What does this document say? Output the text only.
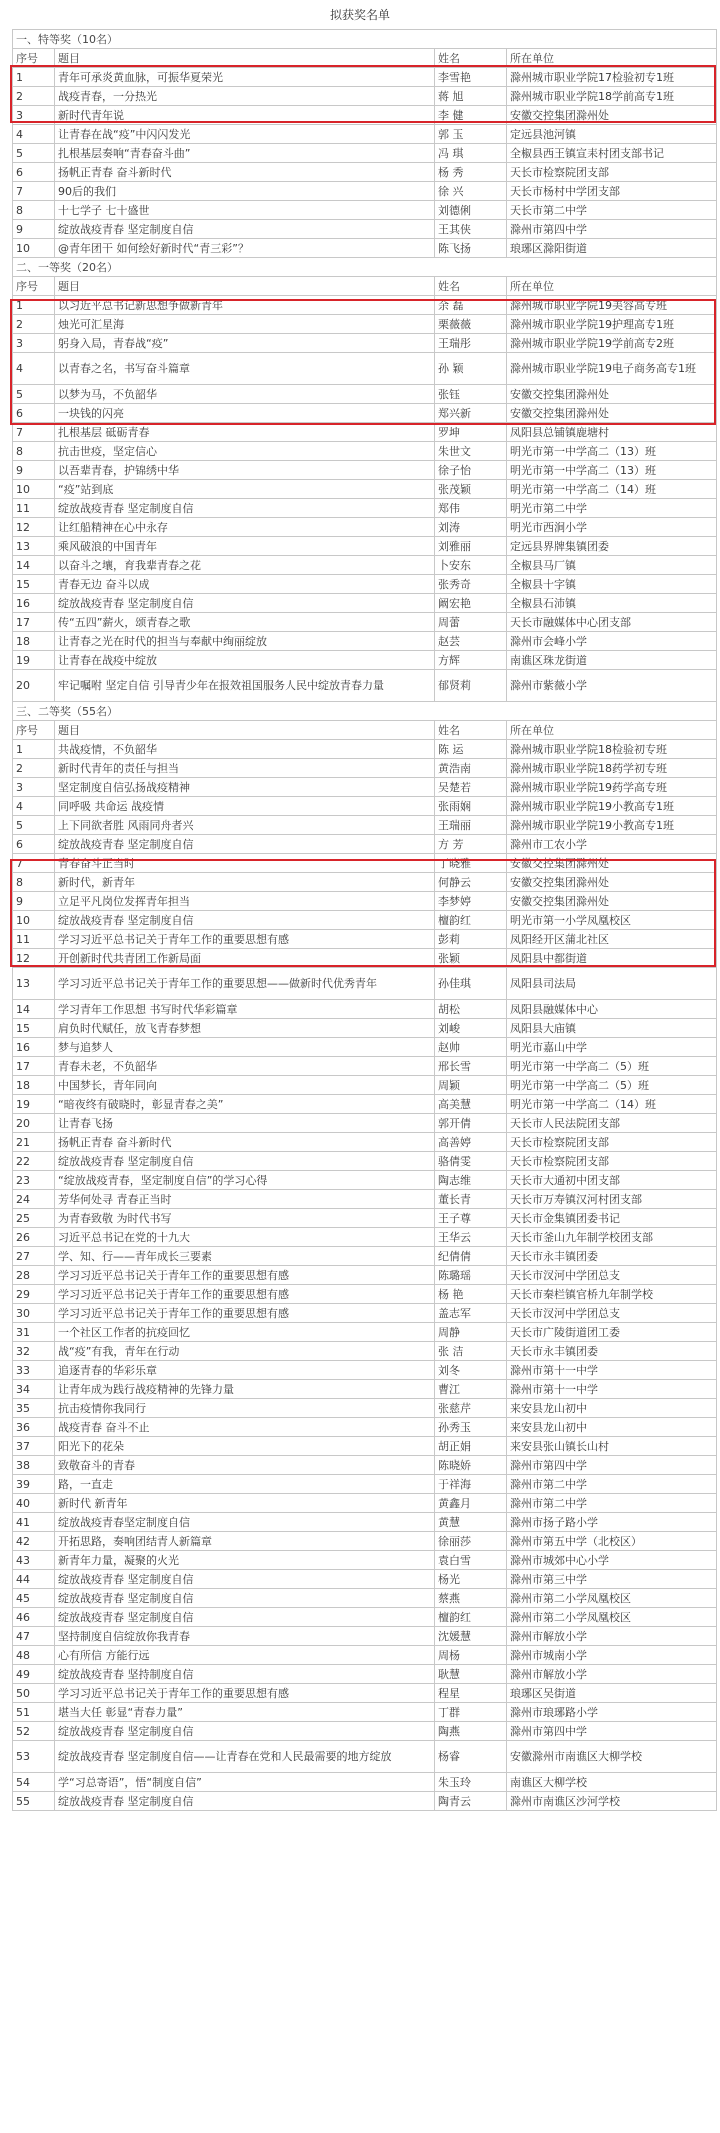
拟获奖名单
一、特等奖（10名）			
序号	题目	姓名	所在单位
1	青年可承炎黄血脉，可振华夏荣光	李雪艳	滁州城市职业学院17检验初专1班
2	战疫青春，一分热光	蒋 旭	滁州城市职业学院18学前高专1班
3	新时代青年说	李 健	安徽交控集团滁州处
4	让青春在战“疫”中闪闪发光	郭 玉	定远县池河镇
5	扎根基层奏响“青春奋斗曲”	冯 琪	全椒县西王镇宣耒村团支部书记
6	扬帆正青春 奋斗新时代	杨 秀	天长市检察院团支部
7	90后的我们	徐 兴	天长市杨村中学团支部
8	十七学子 七十盛世	刘德俐	天长市第二中学
9	绽放战疫青春 坚定制度自信	王其侠	滁州市第四中学
10	@青年团干 如何绘好新时代“青三彩”？	陈飞扬	琅琊区滁阳街道
二、一等奖（20名）			
序号	题目	姓名	所在单位
1	以习近平总书记新思想争做新青年	余 磊	滁州城市职业学院19美容高专班
2	烛光可汇星海	栗薇薇	滁州城市职业学院19护理高专1班
3	躬身入局，青春战“疫”	王瑞彤	滁州城市职业学院19学前高专2班
4	以青春之名，书写奋斗篇章	孙 颖	滁州城市职业学院19电子商务高专1班
5	以梦为马，不负韶华	张钰	安徽交控集团滁州处
6	一块钱的闪亮	郑兴新	安徽交控集团滁州处
7	扎根基层 砥砺青春	罗坤	凤阳县总铺镇鹿塘村
8	抗击世疫，坚定信心	朱世文	明光市第一中学高二（13）班
9	以吾辈青春，护锦绣中华	徐子怡	明光市第一中学高二（13）班
10	“疫”站到底	张茂颖	明光市第一中学高二（14）班
11	绽放战疫青春 坚定制度自信	郑伟	明光市第二中学
12	让红船精神在心中永存	刘涛	明光市西涧小学
13	乘风破浪的中国青年	刘雅丽	定远县界牌集镇团委
14	以奋斗之壤，育我辈青春之花	卜安东	全椒县马厂镇
15	青春无边 奋斗以成	张秀奇	全椒县十字镇
16	绽放战疫青春 坚定制度自信	阚宏艳	全椒县石沛镇
17	传“五四”薪火，颂青春之歌	周蕾	天长市融媒体中心团支部
18	让青春之光在时代的担当与奉献中绚丽绽放	赵芸	滁州市会峰小学
19	让青春在战疫中绽放	方辉	南谯区珠龙街道
20	牢记嘱咐 坚定自信 引导青少年在报效祖国服务人民中绽放青春力量	郁贤莉	滁州市紫薇小学
三、二等奖（55名）			
序号	题目	姓名	所在单位
1	共战疫情，不负韶华	陈 运	滁州城市职业学院18检验初专班
2	新时代青年的责任与担当	黄浩南	滁州城市职业学院18药学初专班
3	坚定制度自信弘扬战疫精神	吴楚若	滁州城市职业学院19药学高专班
4	同呼吸 共命运 战疫情	张雨娴	滁州城市职业学院19小教高专1班
5	上下同欲者胜 风雨同舟者兴	王瑞丽	滁州城市职业学院19小教高专1班
6	绽放战疫青春 坚定制度自信	方 芳	滁州市工农小学
7	青春奋斗正当时	丁晓雅	安徽交控集团滁州处
8	新时代，新青年	何静云	安徽交控集团滁州处
9	立足平凡岗位发挥青年担当	李梦婷	安徽交控集团滁州处
10	绽放战疫青春 坚定制度自信	檀韵红	明光市第一小学凤凰校区
11	学习习近平总书记关于青年工作的重要思想有感	彭莉	凤阳经开区蒲北社区
12	开创新时代共青团工作新局面	张颖	凤阳县中都街道
13	学习习近平总书记关于青年工作的重要思想——做新时代优秀青年	孙佳琪	凤阳县司法局
14	学习青年工作思想 书写时代华彩篇章	胡松	凤阳县融媒体中心
15	肩负时代赋任，放飞青春梦想	刘峻	凤阳县大庙镇
16	梦与追梦人	赵帅	明光市嘉山中学
17	青春未老，不负韶华	邢长雪	明光市第一中学高二（5）班
18	中国梦长，青年同向	周颖	明光市第一中学高二（5）班
19	“暗夜终有破晓时，彰显青春之美”	高美慧	明光市第一中学高二（14）班
20	让青春飞扬	郭开倩	天长市人民法院团支部
21	扬帆正青春 奋斗新时代	高善婷	天长市检察院团支部
22	绽放战疫青春 坚定制度自信	骆倩雯	天长市检察院团支部
23	“绽放战疫青春，坚定制度自信”的学习心得	陶志维	天长市大通初中团支部
24	芳华何处寻 青春正当时	董长青	天长市万寿镇汉河村团支部
25	为青春致敬 为时代书写	王子尊	天长市金集镇团委书记
26	习近平总书记在党的十九大	王华云	天长市釜山九年制学校团支部
27	学、知、行——青年成长三要素	纪倩倩	天长市永丰镇团委
28	学习习近平总书记关于青年工作的重要思想有感	陈璐瑶	天长市汊河中学团总支
29	学习习近平总书记关于青年工作的重要思想有感	杨 艳	天长市秦栏镇官桥九年制学校
30	学习习近平总书记关于青年工作的重要思想有感	盖志军	天长市汊河中学团总支
31	一个社区工作者的抗疫回忆	周静	天长市广陵街道团工委
32	战“疫”有我，青年在行动	张 洁	天长市永丰镇团委
33	追逐青春的华彩乐章	刘冬	滁州市第十一中学
34	让青年成为践行战疫精神的先锋力量	曹江	滁州市第十一中学
35	抗击疫情你我同行	张慈芹	来安县龙山初中
36	战疫青春 奋斗不止	孙秀玉	来安县龙山初中
37	阳光下的花朵	胡正娟	来安县张山镇长山村
38	致敬奋斗的青春	陈晓娇	滁州市第四中学
39	路，一直走	于祥海	滁州市第二中学
40	新时代 新青年	黄鑫月	滁州市第二中学
41	绽放战疫青春坚定制度自信	黄慧	滁州市扬子路小学
42	开拓思路，奏响团结青人新篇章	徐丽莎	滁州市第五中学（北校区）
43	新青年力量，凝聚的火光	袁白雪	滁州市城郊中心小学
44	绽放战疫青春 坚定制度自信	杨光	滁州市第三中学
45	绽放战疫青春 坚定制度自信	蔡燕	滁州市第二小学凤凰校区
46	绽放战疫青春 坚定制度自信	檀韵红	滁州市第二小学凤凰校区
47	坚持制度自信绽放你我青春	沈媛慧	滁州市解放小学
48	心有所信 方能行远	周杨	滁州市城南小学
49	绽放战疫青春 坚持制度自信	耿慧	滁州市解放小学
50	学习习近平总书记关于青年工作的重要思想有感	程星	琅琊区吴街道
51	堪当大任 彰显“青春力量”	丁群	滁州市琅琊路小学
52	绽放战疫青春 坚定制度自信	陶燕	滁州市第四中学
53	绽放战疫青春 坚定制度自信——让青春在党和人民最需要的地方绽放	杨睿	安徽滁州市南谯区大柳学校
54	学“习总寄语”，悟“制度自信”	朱玉玲	南谯区大柳学校
55	绽放战疫青春 坚定制度自信	陶青云	滁州市南谯区沙河学校
